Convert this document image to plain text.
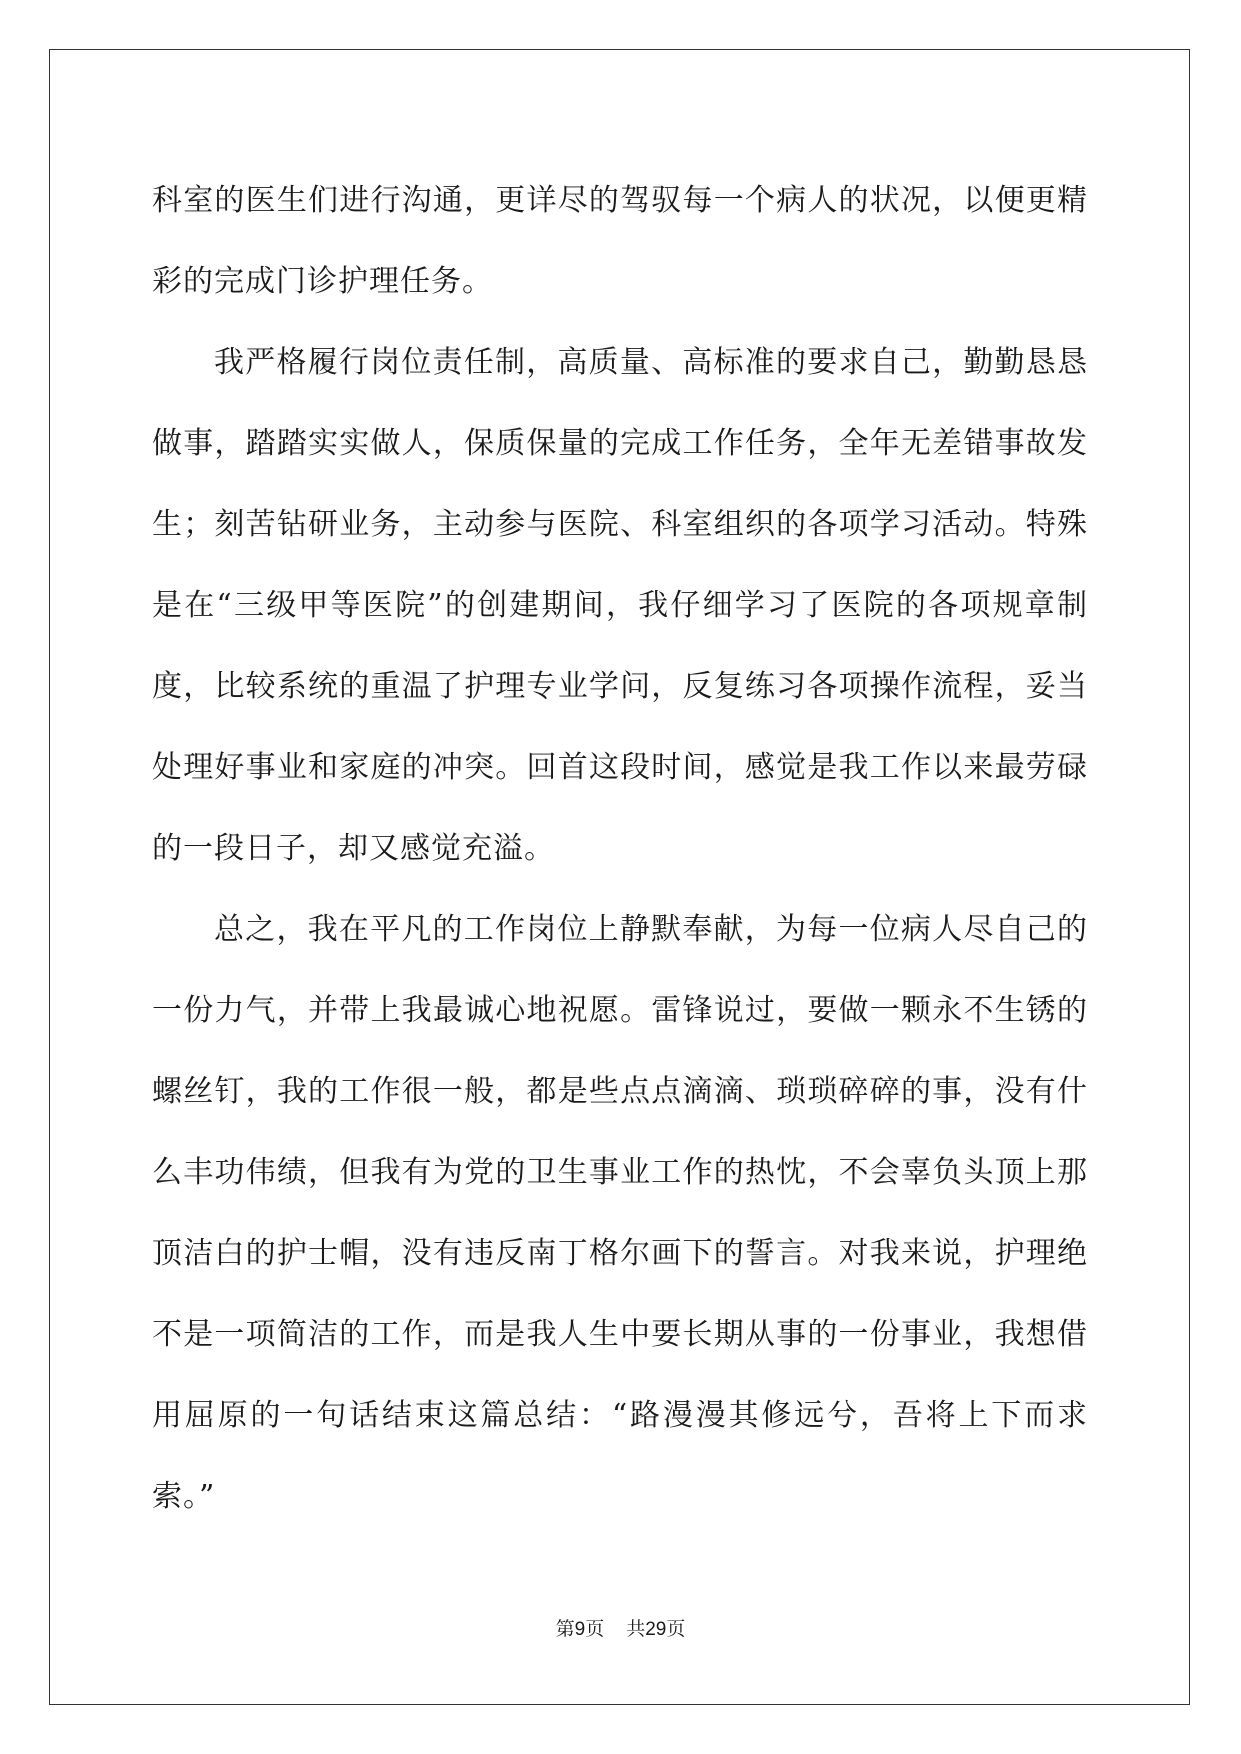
科室的医生们进行沟通，更详尽的驾驭每一个病人的状况，以便更精
彩的完成门诊护理任务。
我严格履行岗位责任制，高质量、高标准的要求自己，勤勤恳恳
做事，踏踏实实做人，保质保量的完成工作任务，全年无差错事故发
生；刻苦钻研业务，主动参与医院、科室组织的各项学习活动。特殊
是在“三级甲等医院”的创建期间，我仔细学习了医院的各项规章制
度，比较系统的重温了护理专业学问，反复练习各项操作流程，妥当
处理好事业和家庭的冲突。回首这段时间，感觉是我工作以来最劳碌
的一段日子，却又感觉充溢。
总之，我在平凡的工作岗位上静默奉献，为每一位病人尽自己的
一份力气，并带上我最诚心地祝愿。雷锋说过，要做一颗永不生锈的
螺丝钉，我的工作很一般，都是些点点滴滴、琐琐碎碎的事，没有什
么丰功伟绩，但我有为党的卫生事业工作的热忱，不会辜负头顶上那
顶洁白的护士帽，没有违反南丁格尔画下的誓言。对我来说，护理绝
不是一项简洁的工作，而是我人生中要长期从事的一份事业，我想借
用屈原的一句话结束这篇总结：“路漫漫其修远兮，吾将上下而求
索。”
第9页 共29页
